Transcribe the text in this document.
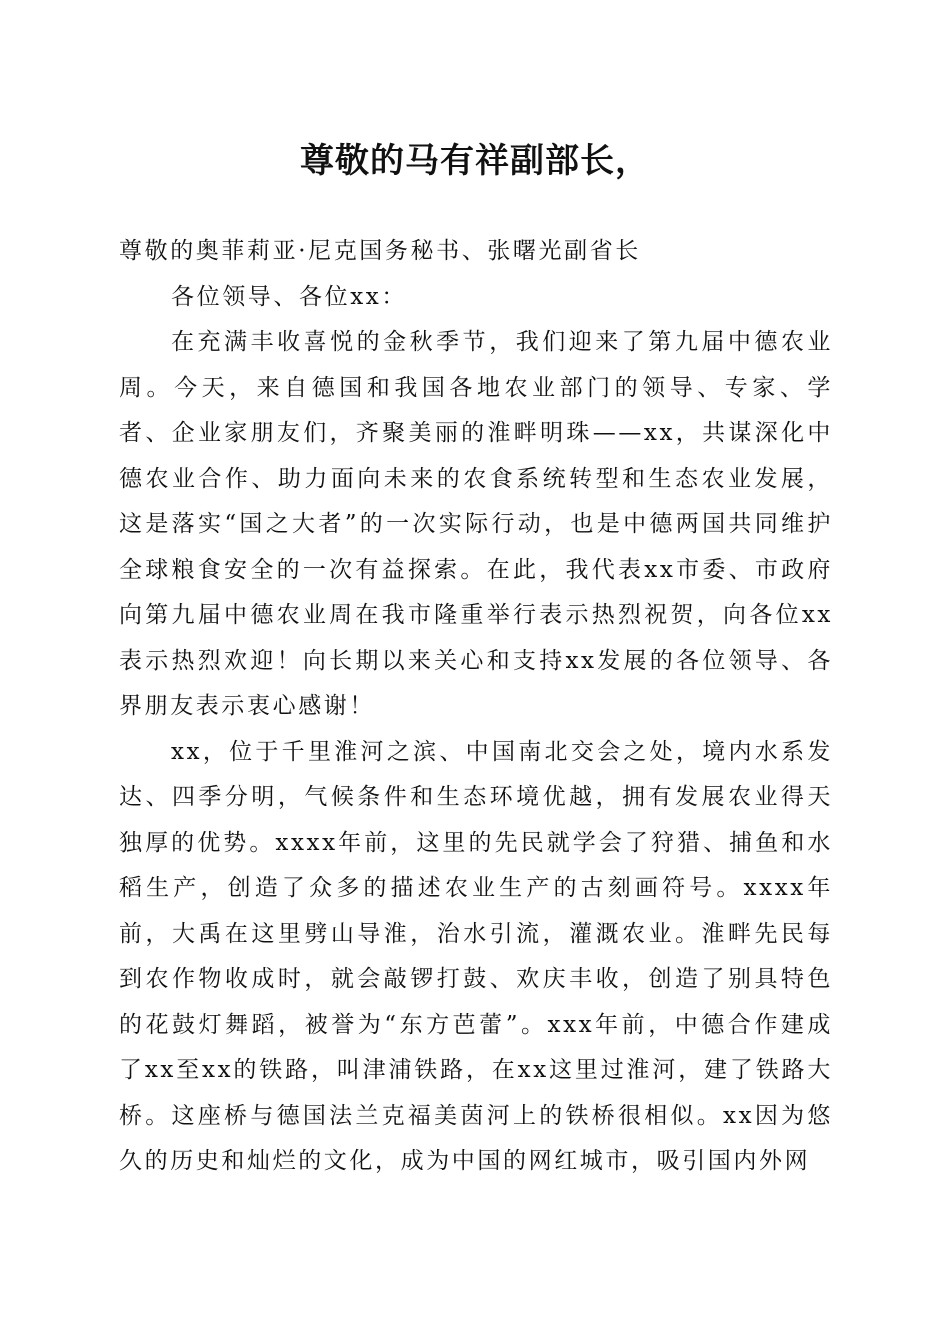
尊敬的马有祥副部长，

尊敬的奥菲莉亚·尼克国务秘书、张曙光副省长

各位领导、各位xx：

在充满丰收喜悦的金秋季节，我们迎来了第九届中德农业周。今天，来自德国和我国各地农业部门的领导、专家、学者、企业家朋友们，齐聚美丽的淮畔明珠——xx，共谋深化中德农业合作、助力面向未来的农食系统转型和生态农业发展，这是落实“国之大者”的一次实际行动，也是中德两国共同维护全球粮食安全的一次有益探索。在此，我代表xx市委、市政府向第九届中德农业周在我市隆重举行表示热烈祝贺，向各位xx表示热烈欢迎！向长期以来关心和支持xx发展的各位领导、各界朋友表示衷心感谢！

xx，位于千里淮河之滨、中国南北交会之处，境内水系发达、四季分明，气候条件和生态环境优越，拥有发展农业得天独厚的优势。xxxx年前，这里的先民就学会了狩猎、捕鱼和水稻生产，创造了众多的描述农业生产的古刻画符号。xxxx年前，大禹在这里劈山导淮，治水引流，灌溉农业。淮畔先民每到农作物收成时，就会敲锣打鼓、欢庆丰收，创造了别具特色的花鼓灯舞蹈，被誉为“东方芭蕾”。xxx年前，中德合作建成了xx至xx的铁路，叫津浦铁路，在xx这里过淮河，建了铁路大桥。这座桥与德国法兰克福美茵河上的铁桥很相似。xx因为悠久的历史和灿烂的文化，成为中国的网红城市，吸引国内外网
